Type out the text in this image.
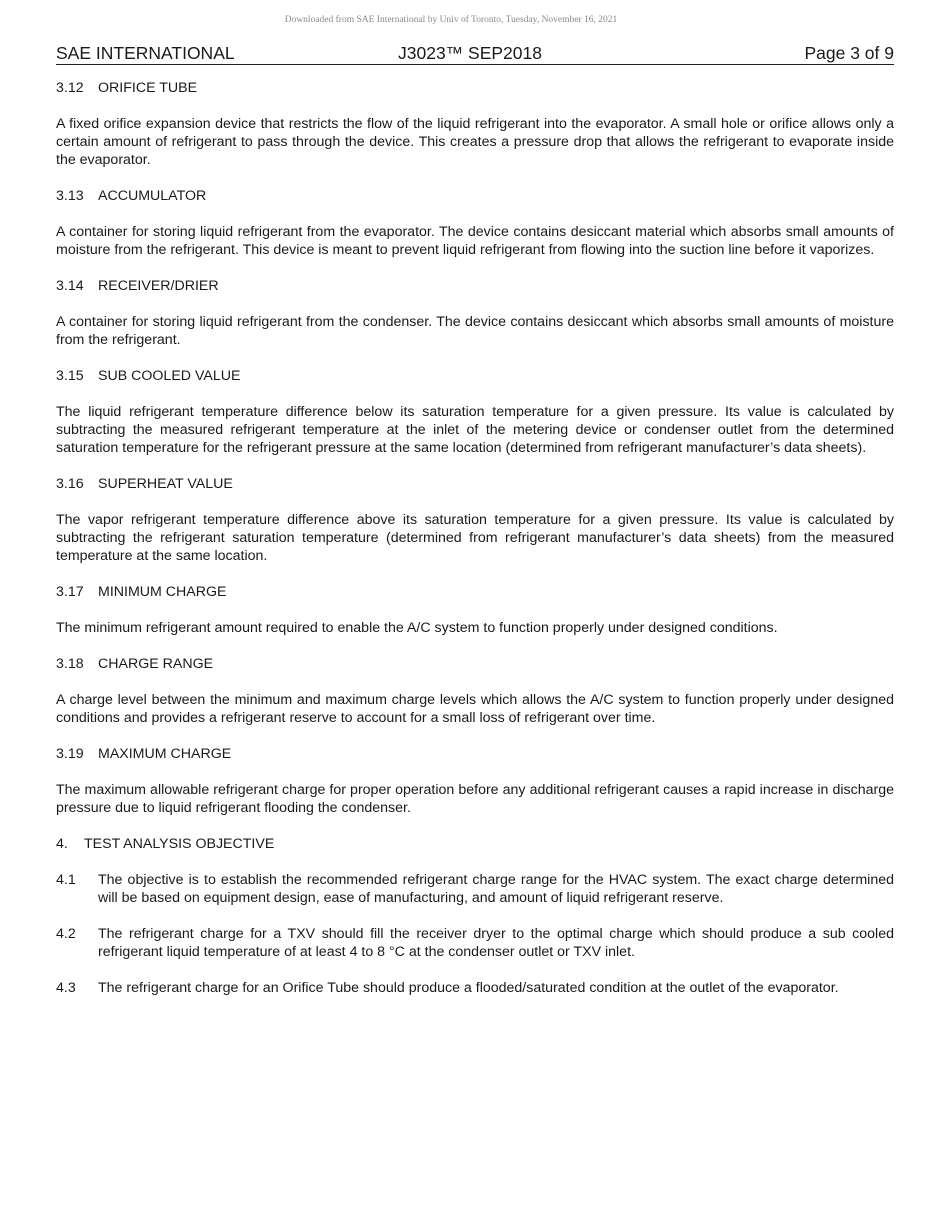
Downloaded from SAE International by Univ of Toronto, Tuesday, November 16, 2021
SAE INTERNATIONAL	J3023™ SEP2018	Page 3 of 9
3.12 ORIFICE TUBE

A fixed orifice expansion device that restricts the flow of the liquid refrigerant into the evaporator. A small hole or orifice allows only a certain amount of refrigerant to pass through the device. This creates a pressure drop that allows the refrigerant to evaporate inside the evaporator.

3.13 ACCUMULATOR

A container for storing liquid refrigerant from the evaporator. The device contains desiccant material which absorbs small amounts of moisture from the refrigerant. This device is meant to prevent liquid refrigerant from flowing into the suction line before it vaporizes.

3.14 RECEIVER/DRIER

A container for storing liquid refrigerant from the condenser. The device contains desiccant which absorbs small amounts of moisture from the refrigerant.

3.15 SUB COOLED VALUE

The liquid refrigerant temperature difference below its saturation temperature for a given pressure. Its value is calculated by subtracting the measured refrigerant temperature at the inlet of the metering device or condenser outlet from the determined saturation temperature for the refrigerant pressure at the same location (determined from refrigerant manufacturer’s data sheets).

3.16 SUPERHEAT VALUE

The vapor refrigerant temperature difference above its saturation temperature for a given pressure. Its value is calculated by subtracting the refrigerant saturation temperature (determined from refrigerant manufacturer’s data sheets) from the measured temperature at the same location.

3.17 MINIMUM CHARGE

The minimum refrigerant amount required to enable the A/C system to function properly under designed conditions.

3.18 CHARGE RANGE

A charge level between the minimum and maximum charge levels which allows the A/C system to function properly under designed conditions and provides a refrigerant reserve to account for a small loss of refrigerant over time.

3.19 MAXIMUM CHARGE

The maximum allowable refrigerant charge for proper operation before any additional refrigerant causes a rapid increase in discharge pressure due to liquid refrigerant flooding the condenser.

4. TEST ANALYSIS OBJECTIVE
4.1	The objective is to establish the recommended refrigerant charge range for the HVAC system. The exact charge determined will be based on equipment design, ease of manufacturing, and amount of liquid refrigerant reserve.
4.2	The refrigerant charge for a TXV should fill the receiver dryer to the optimal charge which should produce a sub cooled refrigerant liquid temperature of at least 4 to 8 °C at the condenser outlet or TXV inlet.
4.3	The refrigerant charge for an Orifice Tube should produce a flooded/saturated condition at the outlet of the evaporator.
